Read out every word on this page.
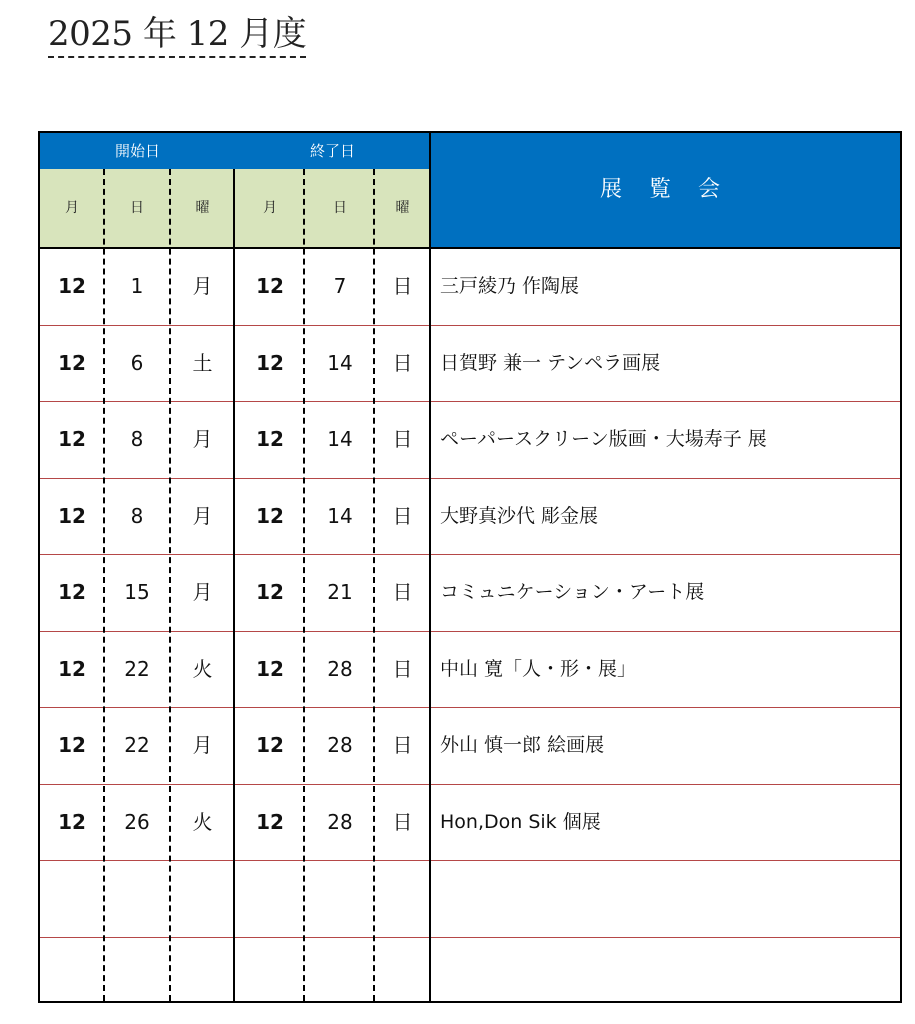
2025 年 12 月度
開始日	終了日
月	日	曜	月	日	曜
展 覧 会
12	1	月	12	7	日	三戸綾乃 作陶展
12	6	土	12	14	日	日賀野 兼一 テンペラ画展
12	8	月	12	14	日	ペーパースクリーン版画・大場寿子 展
12	8	月	12	14	日	大野真沙代 彫金展
12	15	月	12	21	日	コミュニケーション・アート展
12	22	火	12	28	日	中山 寛「人・形・展」
12	22	月	12	28	日	外山 慎一郎 絵画展
12	26	火	12	28	日	Hon,Don Sik 個展
